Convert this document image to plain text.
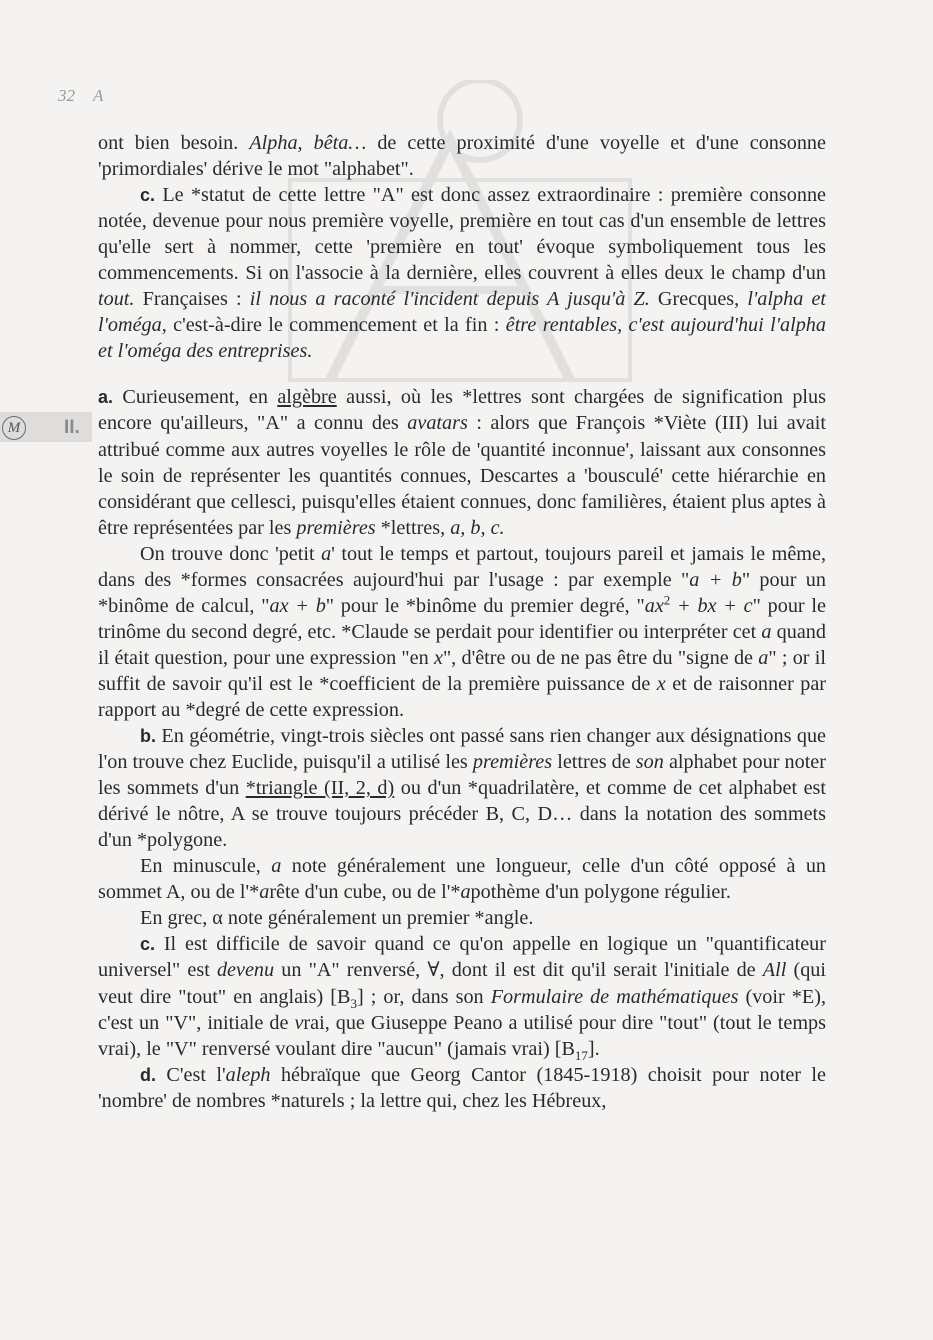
32 A
M	II.

ont bien besoin. Alpha, bêta… de cette proximité d'une voyelle et d'une consonne 'primordiales' dérive le mot "alphabet".

c. Le *statut de cette lettre "A" est donc assez extraordinaire : première consonne notée, devenue pour nous première voyelle, première en tout cas d'un ensemble de lettres qu'elle sert à nommer, cette 'première en tout' évoque symboliquement tous les commencements. Si on l'associe à la dernière, elles couvrent à elles deux le champ d'un tout. Françaises : il nous a raconté l'incident depuis A jusqu'à Z. Grecques, l'alpha et l'oméga, c'est-à-dire le commencement et la fin : être rentables, c'est aujourd'hui l'alpha et l'oméga des entreprises.

a. Curieusement, en algèbre aussi, où les *lettres sont chargées de signification plus encore qu'ailleurs, "A" a connu des avatars : alors que François *Viète (III) lui avait attribué comme aux autres voyelles le rôle de 'quantité inconnue', laissant aux consonnes le soin de représenter les quantités connues, Descartes a 'bousculé' cette hiérarchie en considérant que cellesci, puisqu'elles étaient connues, donc familières, étaient plus aptes à être représentées par les premières *lettres, a, b, c.

On trouve donc 'petit a' tout le temps et partout, toujours pareil et jamais le même, dans des *formes consacrées aujourd'hui par l'usage : par exemple "a + b" pour un *binôme de calcul, "ax + b" pour le *binôme du premier degré, "$ax^2$ + bx + c" pour le trinôme du second degré, etc. *Claude se perdait pour identifier ou interpréter cet a quand il était question, pour une expression "en x", d'être ou de ne pas être du "signe de a" ; or il suffit de savoir qu'il est le *coefficient de la première puissance de x et de raisonner par rapport au *degré de cette expression.

b. En géométrie, vingt-trois siècles ont passé sans rien changer aux désignations que l'on trouve chez Euclide, puisqu'il a utilisé les premières lettres de son alphabet pour noter les sommets d'un *triangle (II, 2, d) ou d'un *quadrilatère, et comme de cet alphabet est dérivé le nôtre, A se trouve toujours précéder B, C, D… dans la notation des sommets d'un *polygone.

En minuscule, a note généralement une longueur, celle d'un côté opposé à un sommet A, ou de l'*arête d'un cube, ou de l'*apothème d'un polygone régulier.

En grec, α note généralement un premier *angle.

c. Il est difficile de savoir quand ce qu'on appelle en logique un "quantificateur universel" est devenu un "A" renversé, ∀, dont il est dit qu'il serait l'initiale de All (qui veut dire "tout" en anglais) $[B_3]$ ; or, dans son Formulaire de mathématiques (voir *E), c'est un "V", initiale de vrai, que Giuseppe Peano a utilisé pour dire "tout" (tout le temps vrai), le "V" renversé voulant dire "aucun" (jamais vrai) $[B_{17}]$.

d. C'est l'aleph hébraïque que Georg Cantor (1845-1918) choisit pour noter le 'nombre' de nombres *naturels ; la lettre qui, chez les Hébreux,
